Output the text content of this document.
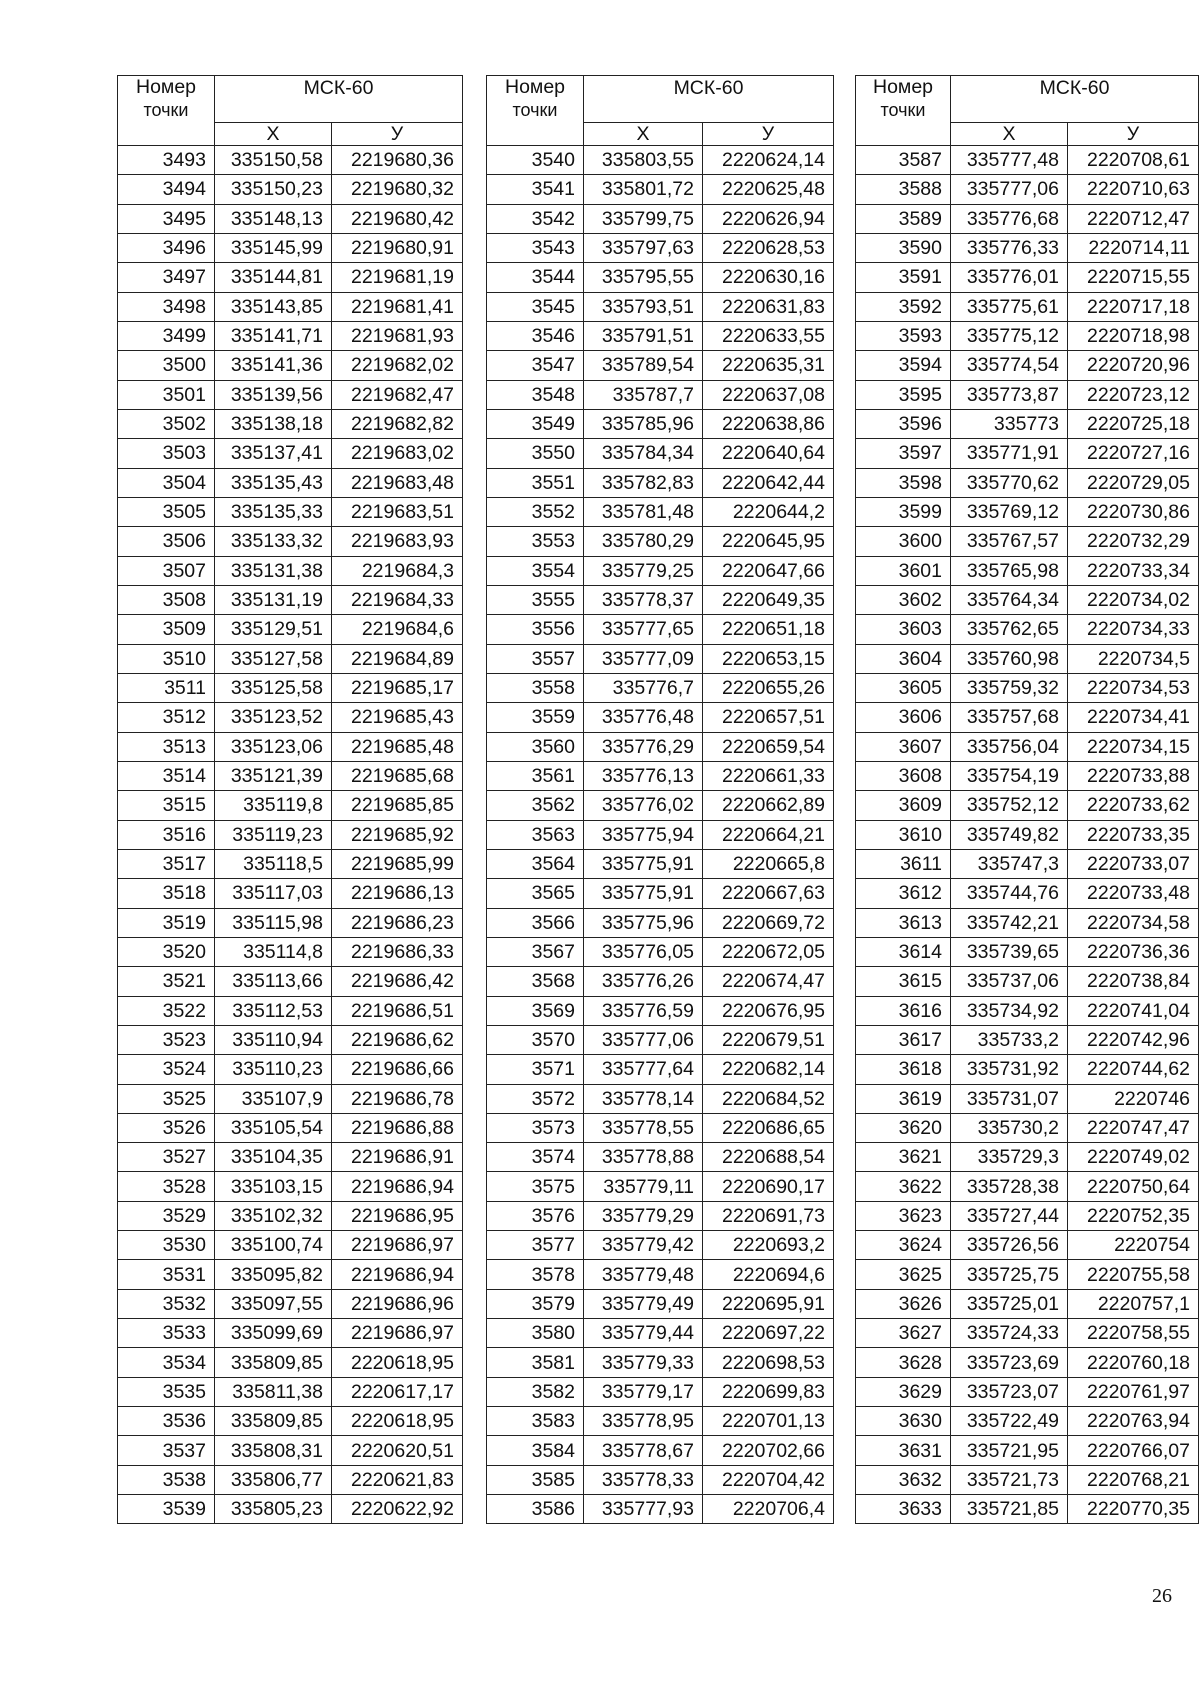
Номер
точки	МСК-60	
	Х	У
3493	335150,58	2219680,36
3494	335150,23	2219680,32
3495	335148,13	2219680,42
3496	335145,99	2219680,91
3497	335144,81	2219681,19
3498	335143,85	2219681,41
3499	335141,71	2219681,93
3500	335141,36	2219682,02
3501	335139,56	2219682,47
3502	335138,18	2219682,82
3503	335137,41	2219683,02
3504	335135,43	2219683,48
3505	335135,33	2219683,51
3506	335133,32	2219683,93
3507	335131,38	2219684,3
3508	335131,19	2219684,33
3509	335129,51	2219684,6
3510	335127,58	2219684,89
3511	335125,58	2219685,17
3512	335123,52	2219685,43
3513	335123,06	2219685,48
3514	335121,39	2219685,68
3515	335119,8	2219685,85
3516	335119,23	2219685,92
3517	335118,5	2219685,99
3518	335117,03	2219686,13
3519	335115,98	2219686,23
3520	335114,8	2219686,33
3521	335113,66	2219686,42
3522	335112,53	2219686,51
3523	335110,94	2219686,62
3524	335110,23	2219686,66
3525	335107,9	2219686,78
3526	335105,54	2219686,88
3527	335104,35	2219686,91
3528	335103,15	2219686,94
3529	335102,32	2219686,95
3530	335100,74	2219686,97
3531	335095,82	2219686,94
3532	335097,55	2219686,96
3533	335099,69	2219686,97
3534	335809,85	2220618,95
3535	335811,38	2220617,17
3536	335809,85	2220618,95
3537	335808,31	2220620,51
3538	335806,77	2220621,83
3539	335805,23	2220622,92
Номер
точки	МСК-60	
	Х	У
3540	335803,55	2220624,14
3541	335801,72	2220625,48
3542	335799,75	2220626,94
3543	335797,63	2220628,53
3544	335795,55	2220630,16
3545	335793,51	2220631,83
3546	335791,51	2220633,55
3547	335789,54	2220635,31
3548	335787,7	2220637,08
3549	335785,96	2220638,86
3550	335784,34	2220640,64
3551	335782,83	2220642,44
3552	335781,48	2220644,2
3553	335780,29	2220645,95
3554	335779,25	2220647,66
3555	335778,37	2220649,35
3556	335777,65	2220651,18
3557	335777,09	2220653,15
3558	335776,7	2220655,26
3559	335776,48	2220657,51
3560	335776,29	2220659,54
3561	335776,13	2220661,33
3562	335776,02	2220662,89
3563	335775,94	2220664,21
3564	335775,91	2220665,8
3565	335775,91	2220667,63
3566	335775,96	2220669,72
3567	335776,05	2220672,05
3568	335776,26	2220674,47
3569	335776,59	2220676,95
3570	335777,06	2220679,51
3571	335777,64	2220682,14
3572	335778,14	2220684,52
3573	335778,55	2220686,65
3574	335778,88	2220688,54
3575	335779,11	2220690,17
3576	335779,29	2220691,73
3577	335779,42	2220693,2
3578	335779,48	2220694,6
3579	335779,49	2220695,91
3580	335779,44	2220697,22
3581	335779,33	2220698,53
3582	335779,17	2220699,83
3583	335778,95	2220701,13
3584	335778,67	2220702,66
3585	335778,33	2220704,42
3586	335777,93	2220706,4
Номер
точки	МСК-60	
	Х	У
3587	335777,48	2220708,61
3588	335777,06	2220710,63
3589	335776,68	2220712,47
3590	335776,33	2220714,11
3591	335776,01	2220715,55
3592	335775,61	2220717,18
3593	335775,12	2220718,98
3594	335774,54	2220720,96
3595	335773,87	2220723,12
3596	335773	2220725,18
3597	335771,91	2220727,16
3598	335770,62	2220729,05
3599	335769,12	2220730,86
3600	335767,57	2220732,29
3601	335765,98	2220733,34
3602	335764,34	2220734,02
3603	335762,65	2220734,33
3604	335760,98	2220734,5
3605	335759,32	2220734,53
3606	335757,68	2220734,41
3607	335756,04	2220734,15
3608	335754,19	2220733,88
3609	335752,12	2220733,62
3610	335749,82	2220733,35
3611	335747,3	2220733,07
3612	335744,76	2220733,48
3613	335742,21	2220734,58
3614	335739,65	2220736,36
3615	335737,06	2220738,84
3616	335734,92	2220741,04
3617	335733,2	2220742,96
3618	335731,92	2220744,62
3619	335731,07	2220746
3620	335730,2	2220747,47
3621	335729,3	2220749,02
3622	335728,38	2220750,64
3623	335727,44	2220752,35
3624	335726,56	2220754
3625	335725,75	2220755,58
3626	335725,01	2220757,1
3627	335724,33	2220758,55
3628	335723,69	2220760,18
3629	335723,07	2220761,97
3630	335722,49	2220763,94
3631	335721,95	2220766,07
3632	335721,73	2220768,21
3633	335721,85	2220770,35
26
